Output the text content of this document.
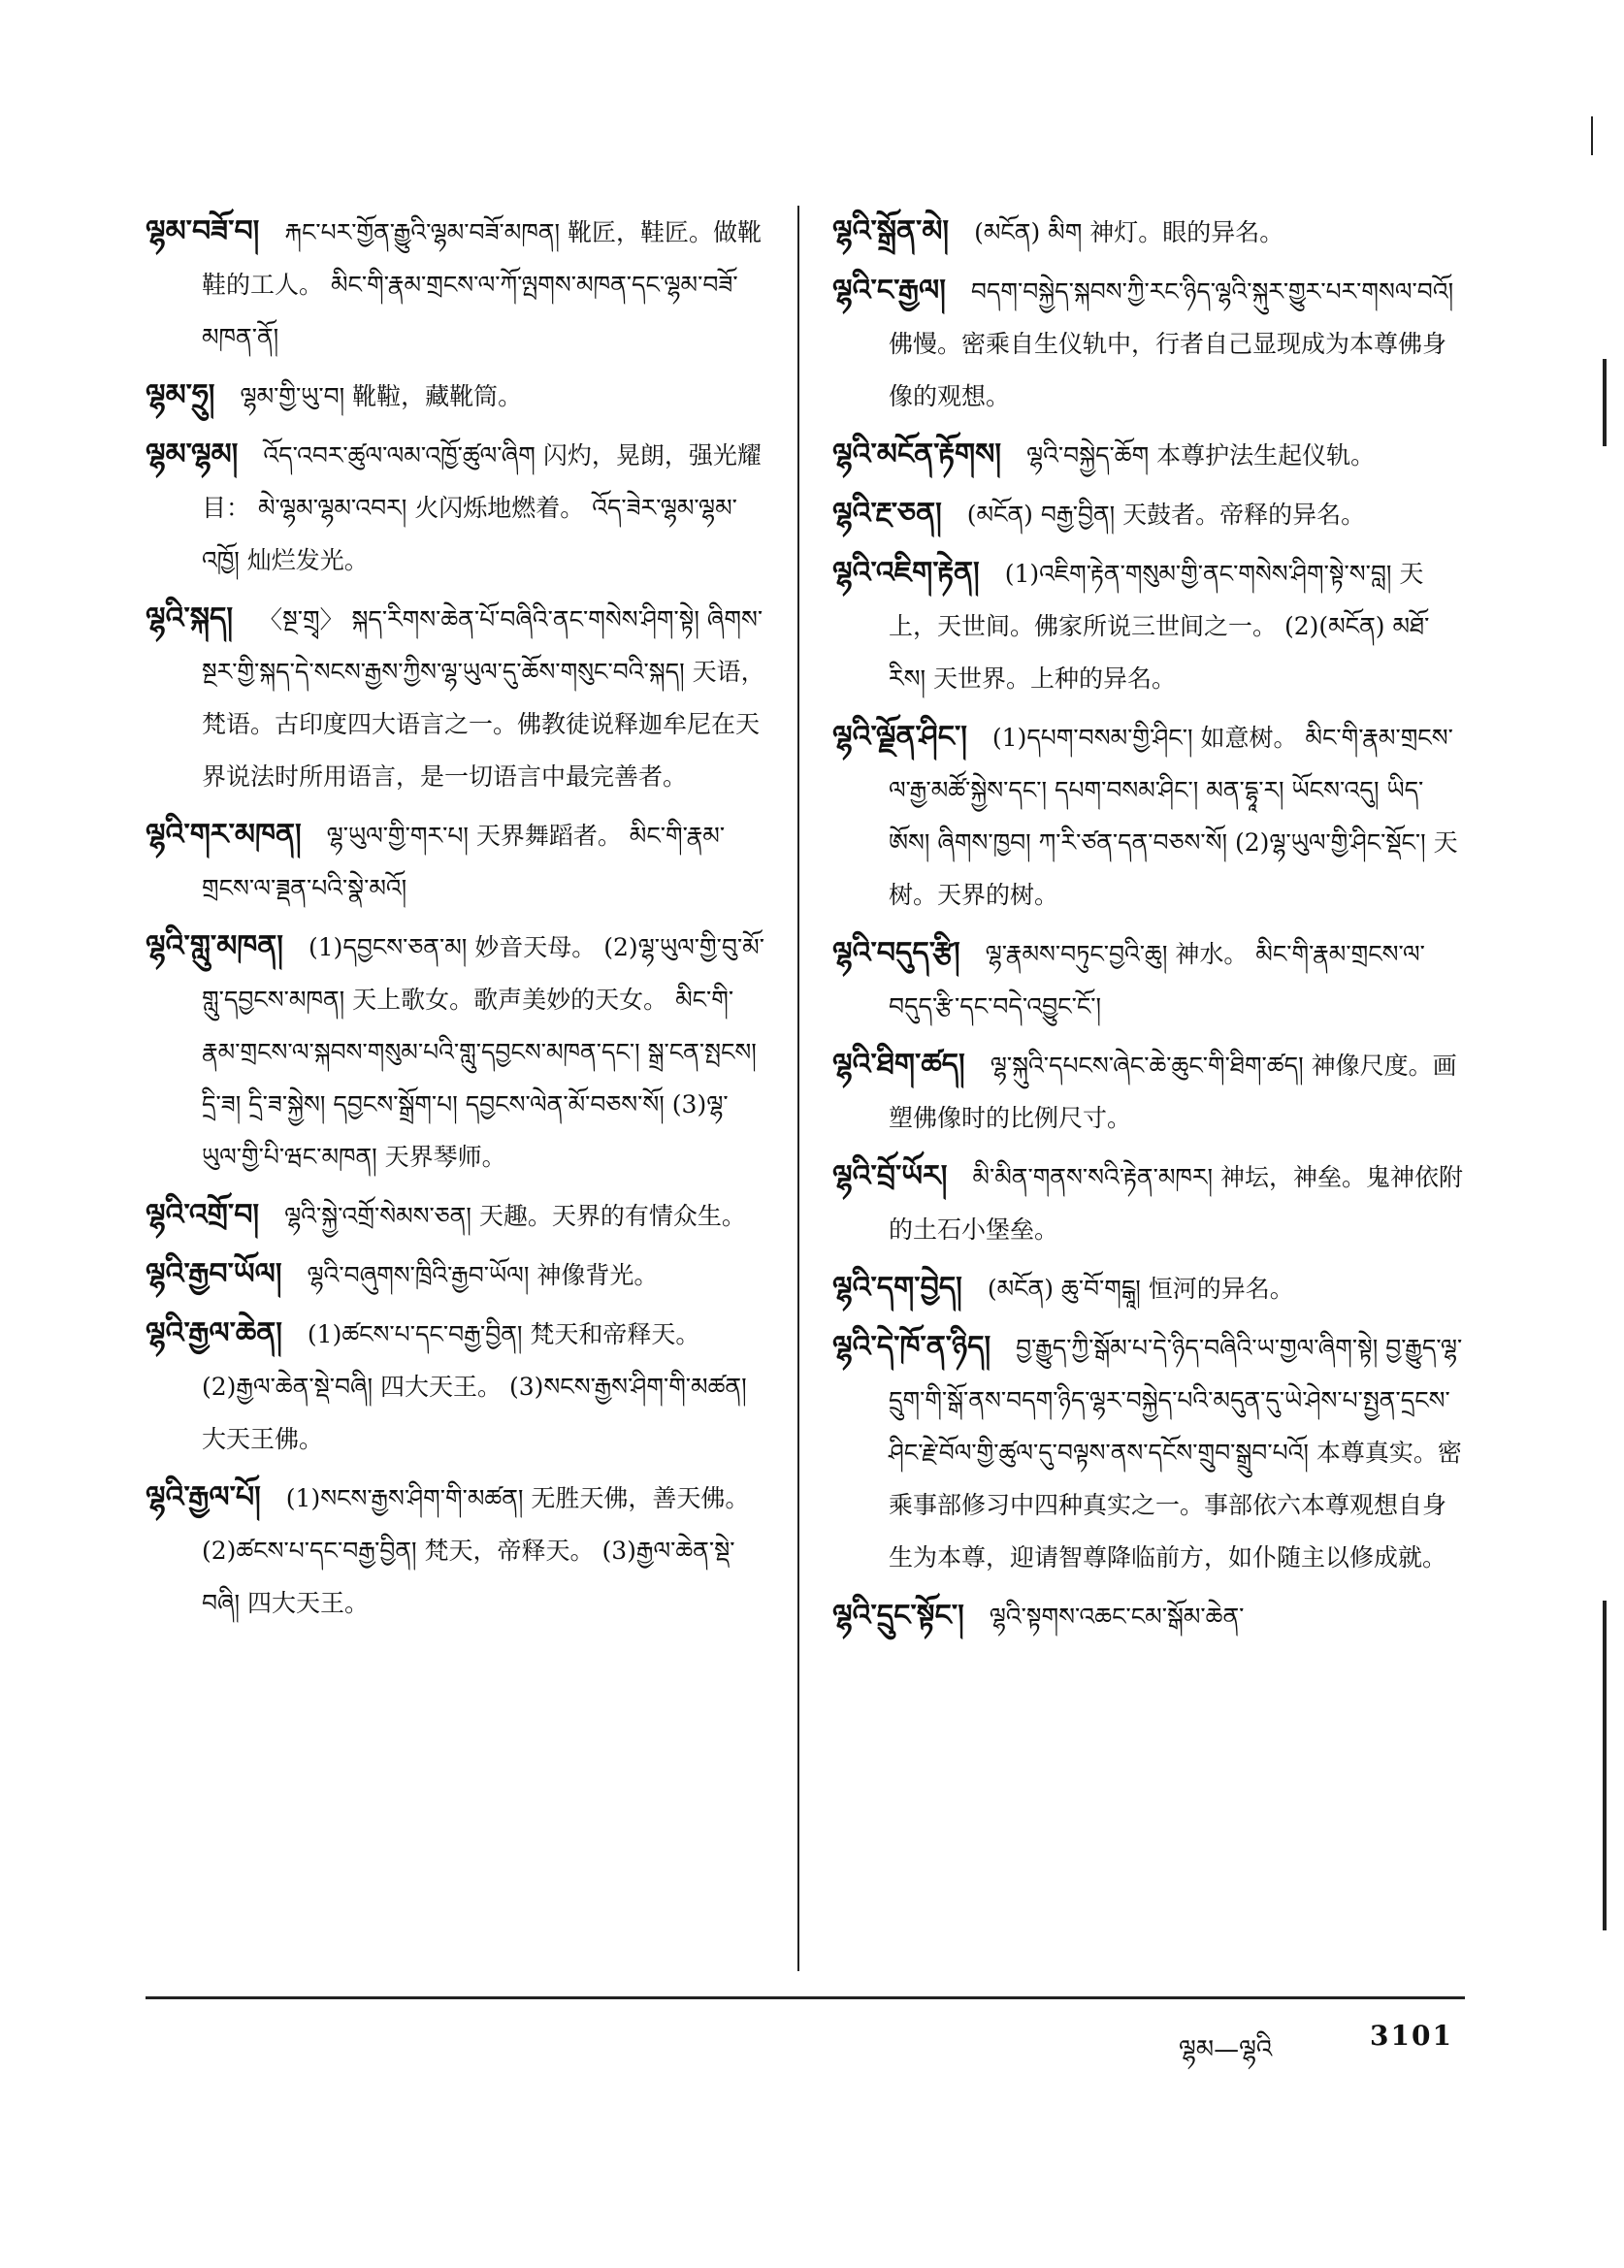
ལྷམ་བཟོ་བ། རྐང་པར་གྱོན་རྒྱུའི་ལྷམ་བཟོ་མཁན། 靴匠，鞋匠。做靴鞋的工人。 མིང་གི་རྣམ་གྲངས་ལ་ཀོ་ལྤགས་མཁན་དང་ལྷམ་བཟོ་མཁན་ནོ།

ལྷམ་ཧྲུ། ལྷམ་གྱི་ཡུ་བ། 靴鞡，藏靴筒。

ལྷམ་ལྷམ། འོད་འབར་ཚུལ་ལམ་འཁྱོ་ཚུལ་ཞིག 闪灼，晃朗，强光耀目： མེ་ལྷམ་ལྷམ་འབར། 火闪烁地燃着。 འོད་ཟེར་ལྷམ་ལྷམ་འཁྱོ། 灿烂发光。

ལྷའི་སྐད། 〈སྔ་གྲྭ〉 སྐད་རིགས་ཆེན་པོ་བཞིའི་ནང་གསེས་ཤིག་སྟེ། ཞིགས་སྔར་གྱི་སྐད་དེ་སངས་རྒྱས་ཀྱིས་ལྷ་ཡུལ་དུ་ཆོས་གསུང་བའི་སྐད། 天语，梵语。古印度四大语言之一。佛教徒说释迦牟尼在天界说法时所用语言，是一切语言中最完善者。

ལྷའི་གར་མཁན། ལྷ་ཡུལ་གྱི་གར་པ། 天界舞蹈者。 མིང་གི་རྣམ་གྲངས་ལ་ཟྡན་པའི་སྣེ་མའོ།

ལྷའི་གླུ་མཁན། (1)དབྱངས་ཅན་མ། 妙音天母。 (2)ལྷ་ཡུལ་གྱི་བུ་མོ་གླུ་དབྱངས་མཁན། 天上歌女。歌声美妙的天女。 མིང་གི་རྣམ་གྲངས་ལ་སྐབས་གསུམ་པའི་གླུ་དབྱངས་མཁན་དང་། སྒྲ་ངན་སྤངས། དྲི་ཟ། དྲི་ཟ་སྐྱེས། དབྱངས་སྒྲོག་པ། དབྱངས་ལེན་མོ་བཅས་སོ། (3)ལྷ་ཡུལ་གྱི་པི་ཝང་མཁན། 天界琴师。

ལྷའི་འགྲོ་བ། ལྷའི་སྐྱེ་འགྲོ་སེམས་ཅན། 天趣。天界的有情众生。

ལྷའི་རྒྱབ་ཡོལ། ལྷའི་བཞུགས་ཁྲིའི་རྒྱབ་ཡོལ། 神像背光。

ལྷའི་རྒྱལ་ཆེན། (1)ཚངས་པ་དང་བརྒྱ་བྱིན། 梵天和帝释天。 (2)རྒྱལ་ཆེན་སྡེ་བཞི། 四大天王。 (3)སངས་རྒྱས་ཤིག་གི་མཚན། 大天王佛。

ལྷའི་རྒྱལ་པོ། (1)སངས་རྒྱས་ཤིག་གི་མཚན། 无胜天佛，善天佛。 (2)ཚངས་པ་དང་བརྒྱ་བྱིན། 梵天，帝释天。 (3)རྒྱལ་ཆེན་སྡེ་བཞི། 四大天王。

ལྷའི་སྒྲོན་མེ། (མངོན) མིག 神灯。眼的异名。

ལྷའི་ང་རྒྱལ། བདག་བསྐྱེད་སྐབས་ཀྱི་རང་ཉིད་ལྷའི་སྐུར་གྱུར་པར་གསལ་བའོ། 佛慢。密乘自生仪轨中，行者自己显现成为本尊佛身像的观想。

ལྷའི་མངོན་རྟོགས། ལྷའི་བསྐྱེད་ཆོག 本尊护法生起仪轨。

ལྷའི་རྔ་ཅན། (མངོན) བརྒྱ་བྱིན། 天鼓者。帝释的异名。

ལྷའི་འཇིག་རྟེན། (1)འཇིག་རྟེན་གསུམ་གྱི་ནང་གསེས་ཤིག་སྟེ་ས་བླ། 天上，天世间。佛家所说三世间之一。 (2)(མངོན) མཐོ་རིས། 天世界。上种的异名。

ལྷའི་ལྗོན་ཤིང་། (1)དཔག་བསམ་གྱི་ཤིང་། 如意树。 མིང་གི་རྣམ་གྲངས་ལ་རྒྱ་མཚོ་སྐྱེས་དང་། དཔག་བསམ་ཤིང་། མན་དྷཱ་ར། ཡོངས་འདུ། ཡིད་ཨོས། ཞིགས་ཁྱབ། ཀ་རི་ཙན་དན་བཅས་སོ། (2)ལྷ་ཡུལ་གྱི་ཤིང་སྡོང་། 天树。天界的树。

ལྷའི་བདུད་རྩི། ལྷ་རྣམས་བཏུང་བྱའི་ཆུ། 神水。 མིང་གི་རྣམ་གྲངས་ལ་བདུད་རྩི་དང་བདེ་འབྱུང་ངོ་།

ལྷའི་ཐིག་ཚད། ལྷ་སྐུའི་དཔངས་ཞེང་ཆེ་ཆུང་གི་ཐིག་ཚད། 神像尺度。画塑佛像时的比例尺寸。

ལྷའི་བྲོ་ཡོར། མི་མིན་གནས་སའི་རྟེན་མཁར། 神坛，神垒。鬼神依附的土石小堡垒。

ལྷའི་དག་བྱེད། (མངོན) ཆུ་བོ་གངྒཱ། 恒河的异名。

ལྷའི་དེ་ཁོ་ན་ཉིད། བྱ་རྒྱུད་ཀྱི་སྒོམ་པ་དེ་ཉིད་བཞིའི་ཡ་གྱལ་ཞིག་སྟེ། བྱ་རྒྱུད་ལྷ་དྲུག་གི་སྒོ་ནས་བདག་ཉིད་ལྷར་བསྐྱེད་པའི་མདུན་དུ་ཡེ་ཤེས་པ་སྤྱན་དྲངས་ཤིང་རྗེ་བོལ་གྱི་ཚུལ་དུ་བལྟས་ནས་དངོས་གྲུབ་སྒྲུབ་པའོ། 本尊真实。密乘事部修习中四种真实之一。事部依六本尊观想自身生为本尊，迎请智尊降临前方，如仆随主以修成就。

ལྷའི་དྲུང་སྟོང་། ལྷའི་སྟགས་འཆང་ངམ་སྒོམ་ཆེན་

ལྷམ—ལྷའི	3101
